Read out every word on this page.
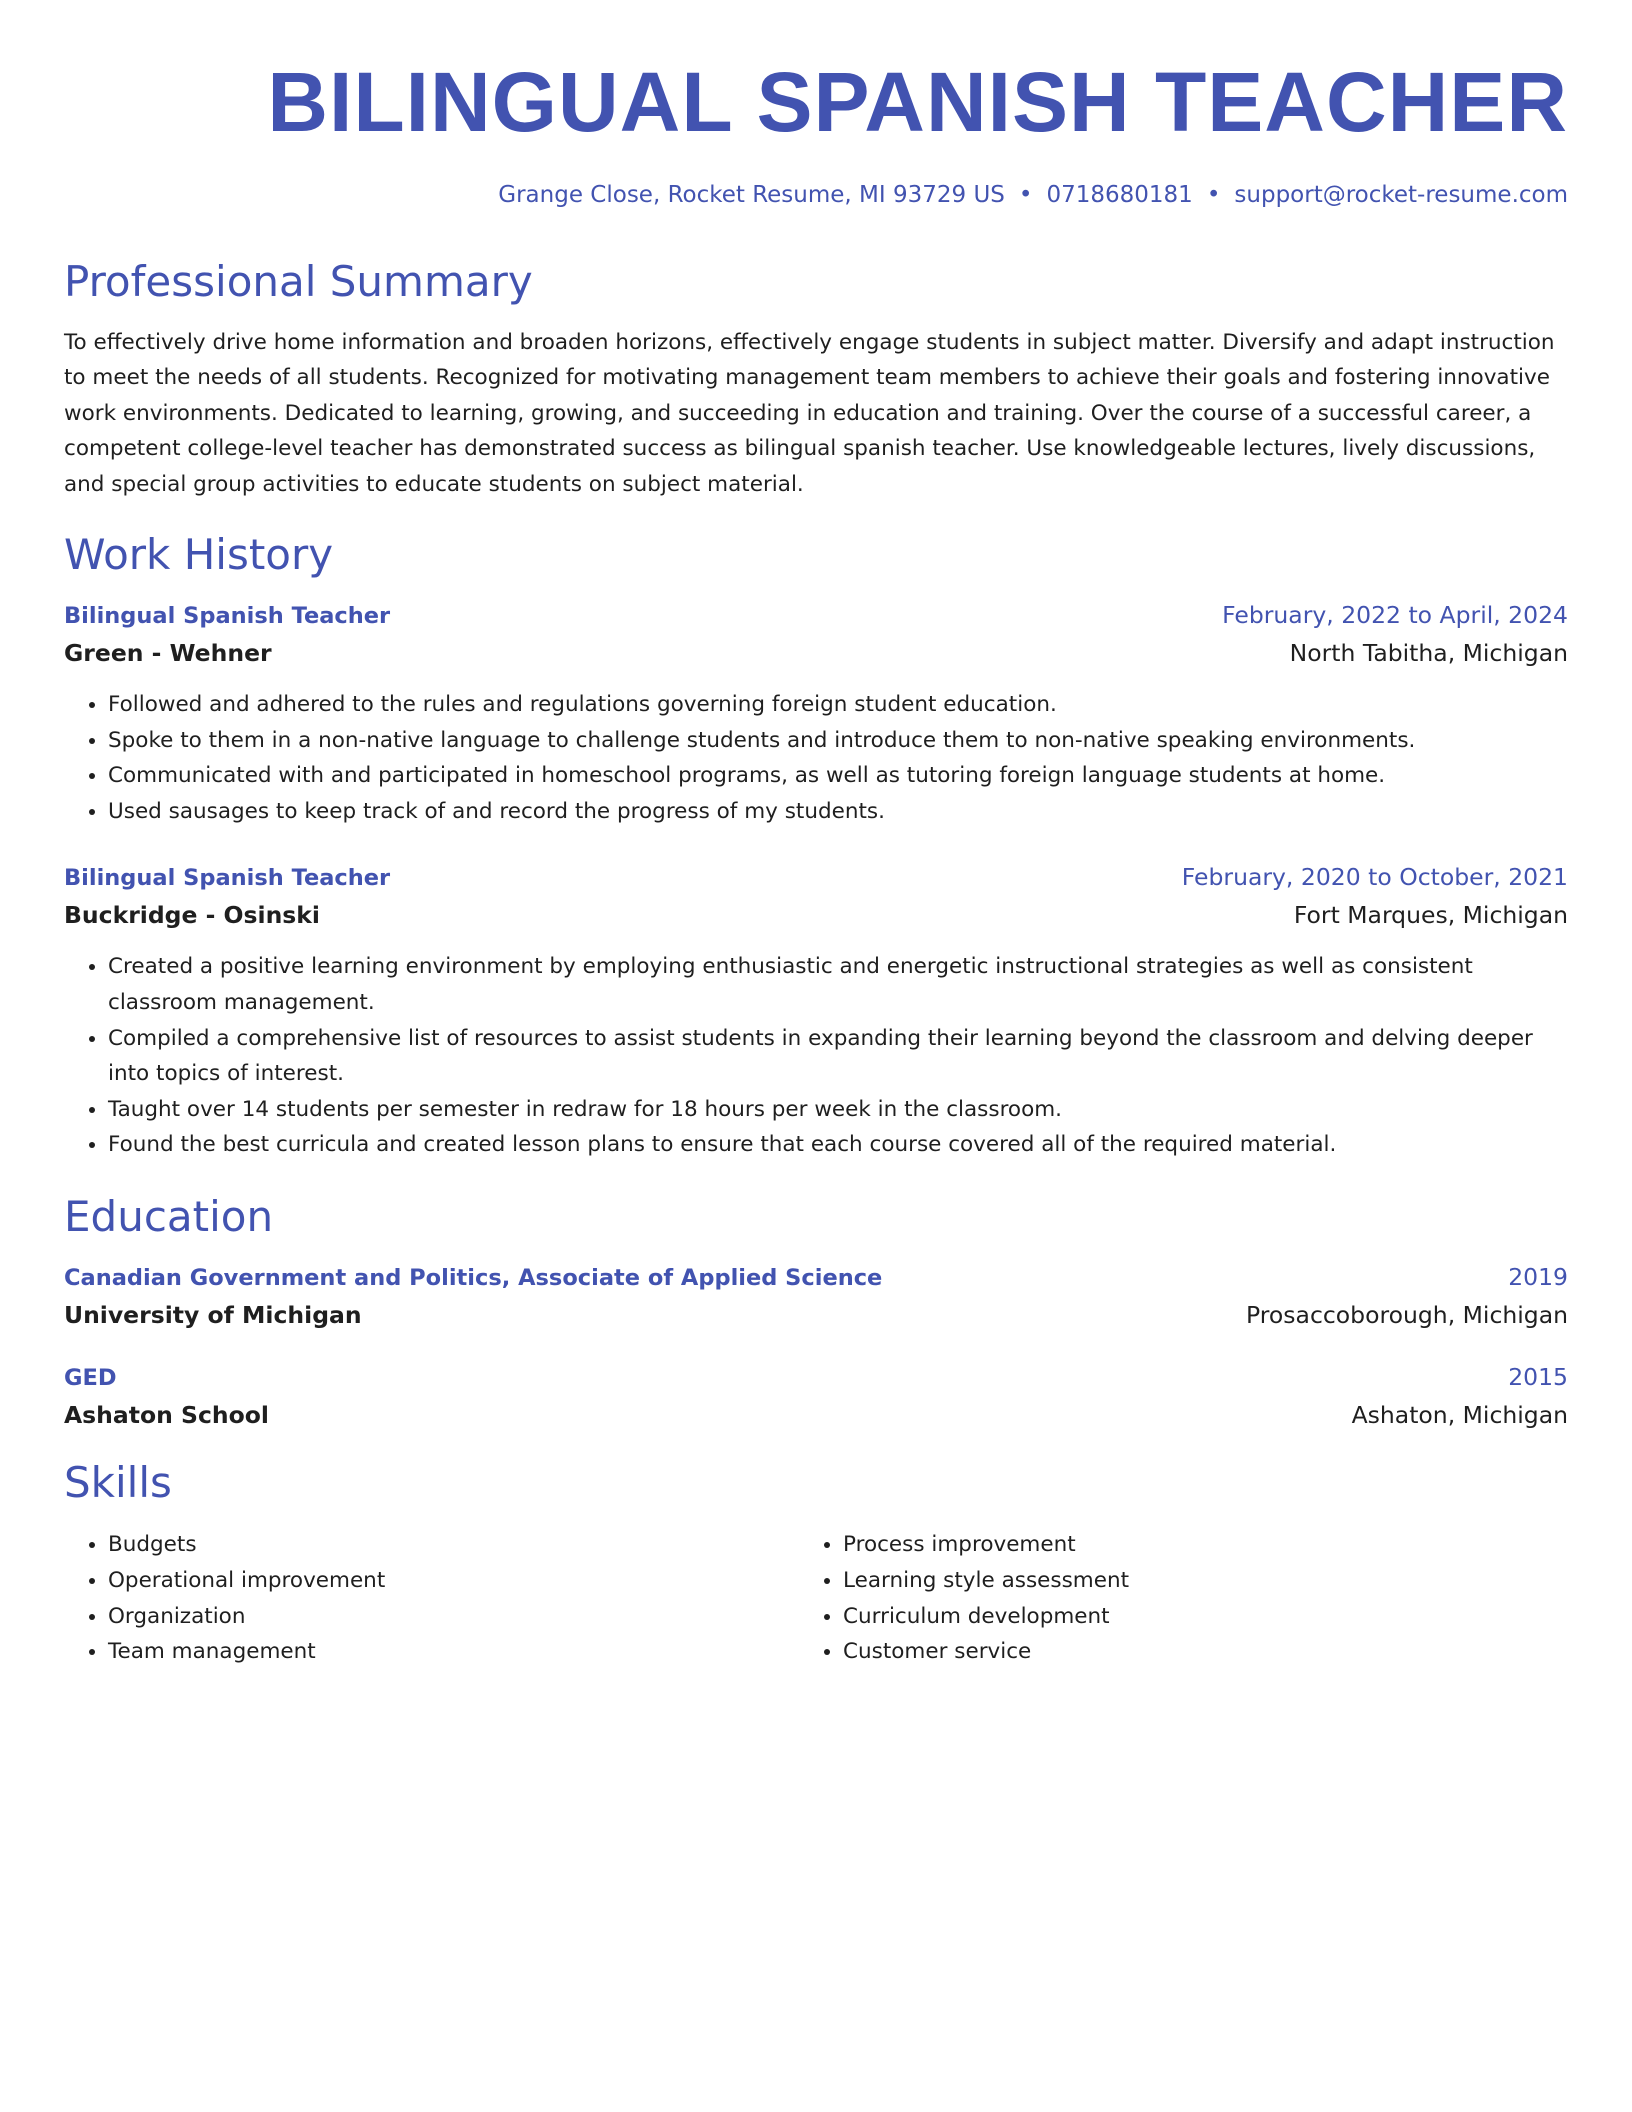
BILINGUAL SPANISH TEACHER
Grange Close, Rocket Resume, MI 93729 US • 0718680181 • support@rocket-resume.com
Professional Summary
To effectively drive home information and broaden horizons, effectively engage students in subject matter. Diversify and adapt instruction to meet the needs of all students. Recognized for motivating management team members to achieve their goals and fostering innovative work environments. Dedicated to learning, growing, and succeeding in education and training. Over the course of a successful career, a competent college-level teacher has demonstrated success as bilingual spanish teacher. Use knowledgeable lectures, lively discussions, and special group activities to educate students on subject material.
Work History
Bilingual Spanish Teacher	February, 2022 to April, 2024
Green - Wehner	North Tabitha, Michigan
• Followed and adhered to the rules and regulations governing foreign student education.
• Spoke to them in a non-native language to challenge students and introduce them to non-native speaking environments.
• Communicated with and participated in homeschool programs, as well as tutoring foreign language students at home.
• Used sausages to keep track of and record the progress of my students.
Bilingual Spanish Teacher	February, 2020 to October, 2021
Buckridge - Osinski	Fort Marques, Michigan
• Created a positive learning environment by employing enthusiastic and energetic instructional strategies as well as consistent classroom management.
• Compiled a comprehensive list of resources to assist students in expanding their learning beyond the classroom and delving deeper into topics of interest.
• Taught over 14 students per semester in redraw for 18 hours per week in the classroom.
• Found the best curricula and created lesson plans to ensure that each course covered all of the required material.
Education
Canadian Government and Politics, Associate of Applied Science	2019
University of Michigan	Prosaccoborough, Michigan
GED	2015
Ashaton School	Ashaton, Michigan
Skills
• Budgets
• Operational improvement
• Organization
• Team management
• Process improvement
• Learning style assessment
• Curriculum development
• Customer service
